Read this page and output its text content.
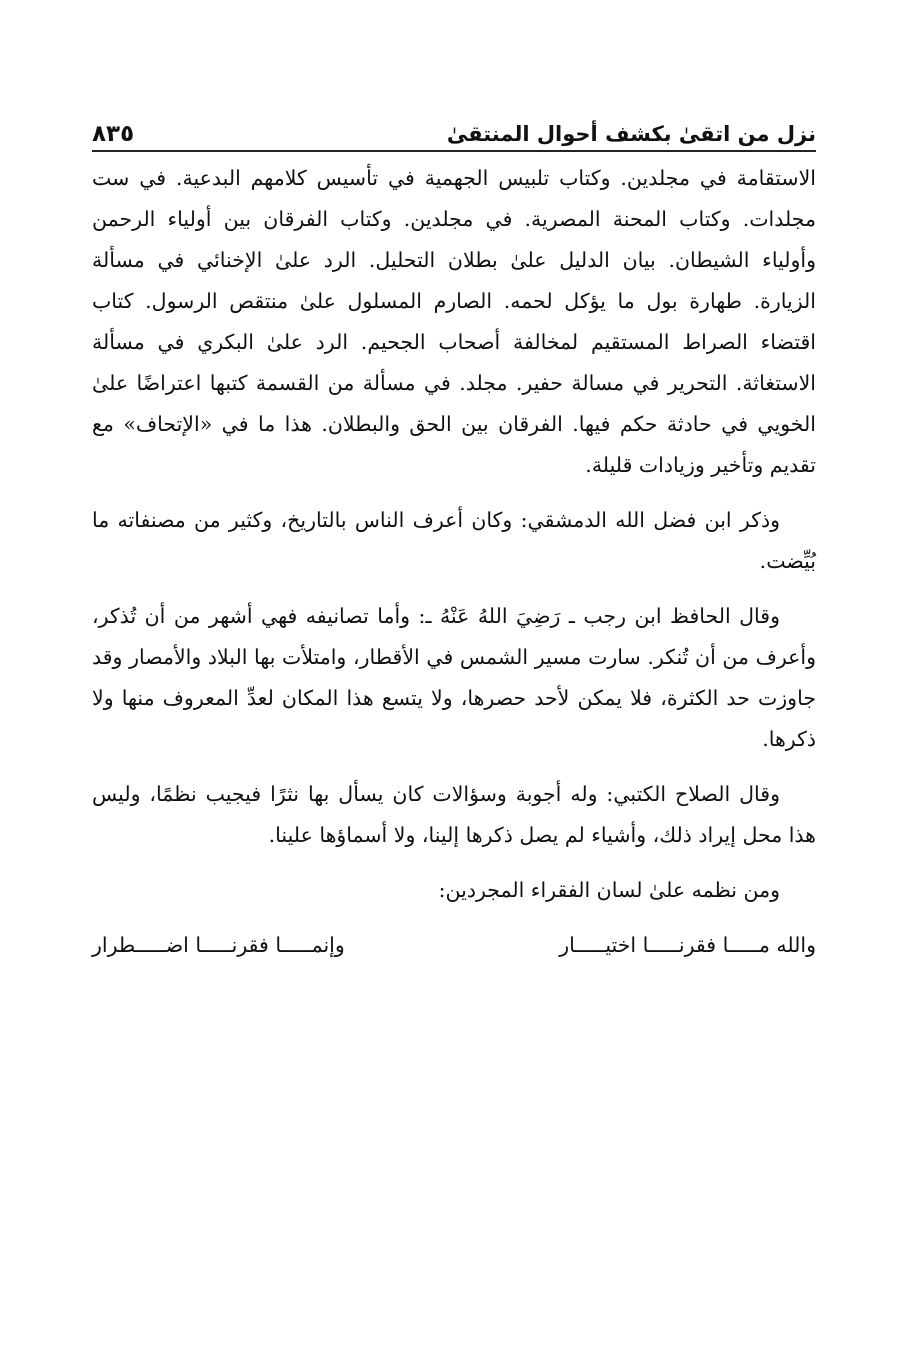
نزل من اتقىٰ بكشف أحوال المنتقىٰ
٨٣٥

الاستقامة في مجلدين. وكتاب تلبيس الجهمية في تأسيس كلامهم البدعية. في ست مجلدات. وكتاب المحنة المصرية. في مجلدين. وكتاب الفرقان بين أولياء الرحمن وأولياء الشيطان. بيان الدليل علىٰ بطلان التحليل. الرد علىٰ الإخنائي في مسألة الزيارة. طهارة بول ما يؤكل لحمه. الصارم المسلول علىٰ منتقص الرسول. كتاب اقتضاء الصراط المستقيم لمخالفة أصحاب الجحيم. الرد علىٰ البكري في مسألة الاستغاثة. التحرير في مسالة حفير. مجلد. في مسألة من القسمة كتبها اعتراضًا علىٰ الخويي في حادثة حكم فيها. الفرقان بين الحق والبطلان. هذا ما في «الإتحاف» مع تقديم وتأخير وزيادات قليلة.

وذكر ابن فضل الله الدمشقي: وكان أعرف الناس بالتاريخ، وكثير من مصنفاته ما بُيِّضت.

وقال الحافظ ابن رجب ـ رَضِيَ اللهُ عَنْهُ ـ: وأما تصانيفه فهي أشهر من أن تُذكر، وأعرف من أن تُنكر. سارت مسير الشمس في الأقطار، وامتلأت بها البلاد والأمصار وقد جاوزت حد الكثرة، فلا يمكن لأحد حصرها، ولا يتسع هذا المكان لعدِّ المعروف منها ولا ذكرها.

وقال الصلاح الكتبي: وله أجوبة وسؤالات كان يسأل بها نثرًا فيجيب نظمًا، وليس هذا محل إيراد ذلك، وأشياء لم يصل ذكرها إلينا، ولا أسماؤها علينا.

ومن نظمه علىٰ لسان الفقراء المجردين:

والله مـــــا فقرنـــــا اختيـــــار
وإنمـــــا فقرنـــــا اضـــــطرار
